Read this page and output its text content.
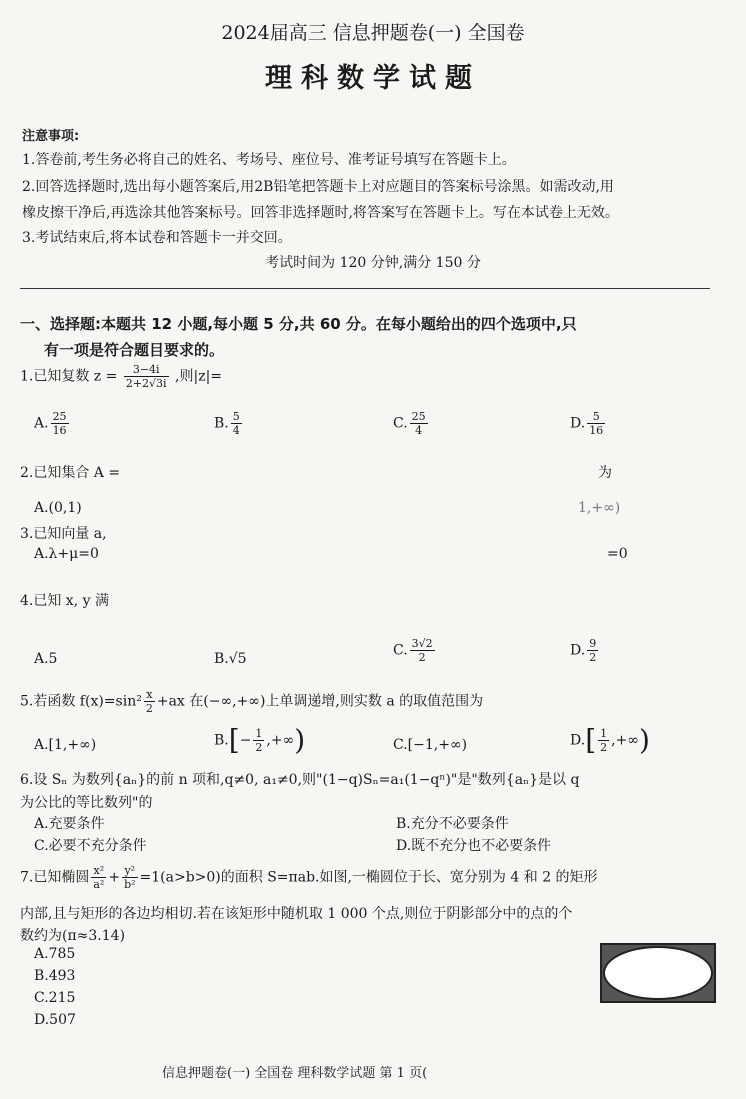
2024届高三 信息押题卷(一) 全国卷
理科数学试题
注意事项:
1.答卷前,考生务必将自己的姓名、考场号、座位号、准考证号填写在答题卡上。
2.回答选择题时,选出每小题答案后,用2B铅笔把答题卡上对应题目的答案标号涂黑。如需改动,用
橡皮擦干净后,再选涂其他答案标号。回答非选择题时,将答案写在答题卡上。写在本试卷上无效。
3.考试结束后,将本试卷和答题卡一并交回。
考试时间为 120 分钟,满分 150 分
一、选择题:本题共 12 小题,每小题 5 分,共 60 分。在每小题给出的四个选项中,只
有一项是符合题目要求的。
1.已知复数 $z = \frac{3-4i}{2+2√3i}$ ,则|z|=
A. $\frac{25}{16}$	B. $\frac{5}{4}$	C. $\frac{25}{4}$	D. $\frac{5}{16}$
2.已知集合 A =	为
A.(0,1)	1,+∞)
3.已知向量 a,
A.λ+μ=0	=0
4.已知 x, y 满
A.5	B.√5
C. $\frac{3√2}{2}$	D. $\frac{9}{2}$
5.若函数 $f(x)=\sin^2 \frac{x}{2} +ax$ 在(−∞,+∞)上单调递增,则实数 a 的取值范围为
A.[1,+∞)	$B.[- \frac{1}{2}$ ,+∞)	C.[−1,+∞)	$D.[ \frac{1}{2}$ ,+∞)
6.设 Sₙ 为数列{aₙ}的前 n 项和,q≠0, a₁≠0,则"(1−q)Sₙ=a₁(1−qⁿ)"是"数列{aₙ}是以 q
为公比的等比数列"的
A.充要条件	B.充分不必要条件
C.必要不充分条件	D.既不充分也不必要条件
7.已知椭圆 $\frac{\text{x²}}{\text{a²}} + \frac{\text{y²}}{\text{b²}} =1(a>b>0)$的面积 S=πab.如图,一椭圆位于长、宽分别为 4 和 2 的矩形
内部,且与矩形的各边均相切.若在该矩形中随机取 1 000 个点,则位于阴影部分中的点的个
数约为(π≈3.14)
A.785
B.493
C.215
D.507
信息押题卷(一) 全国卷 理科数学试题 第 1 页(
